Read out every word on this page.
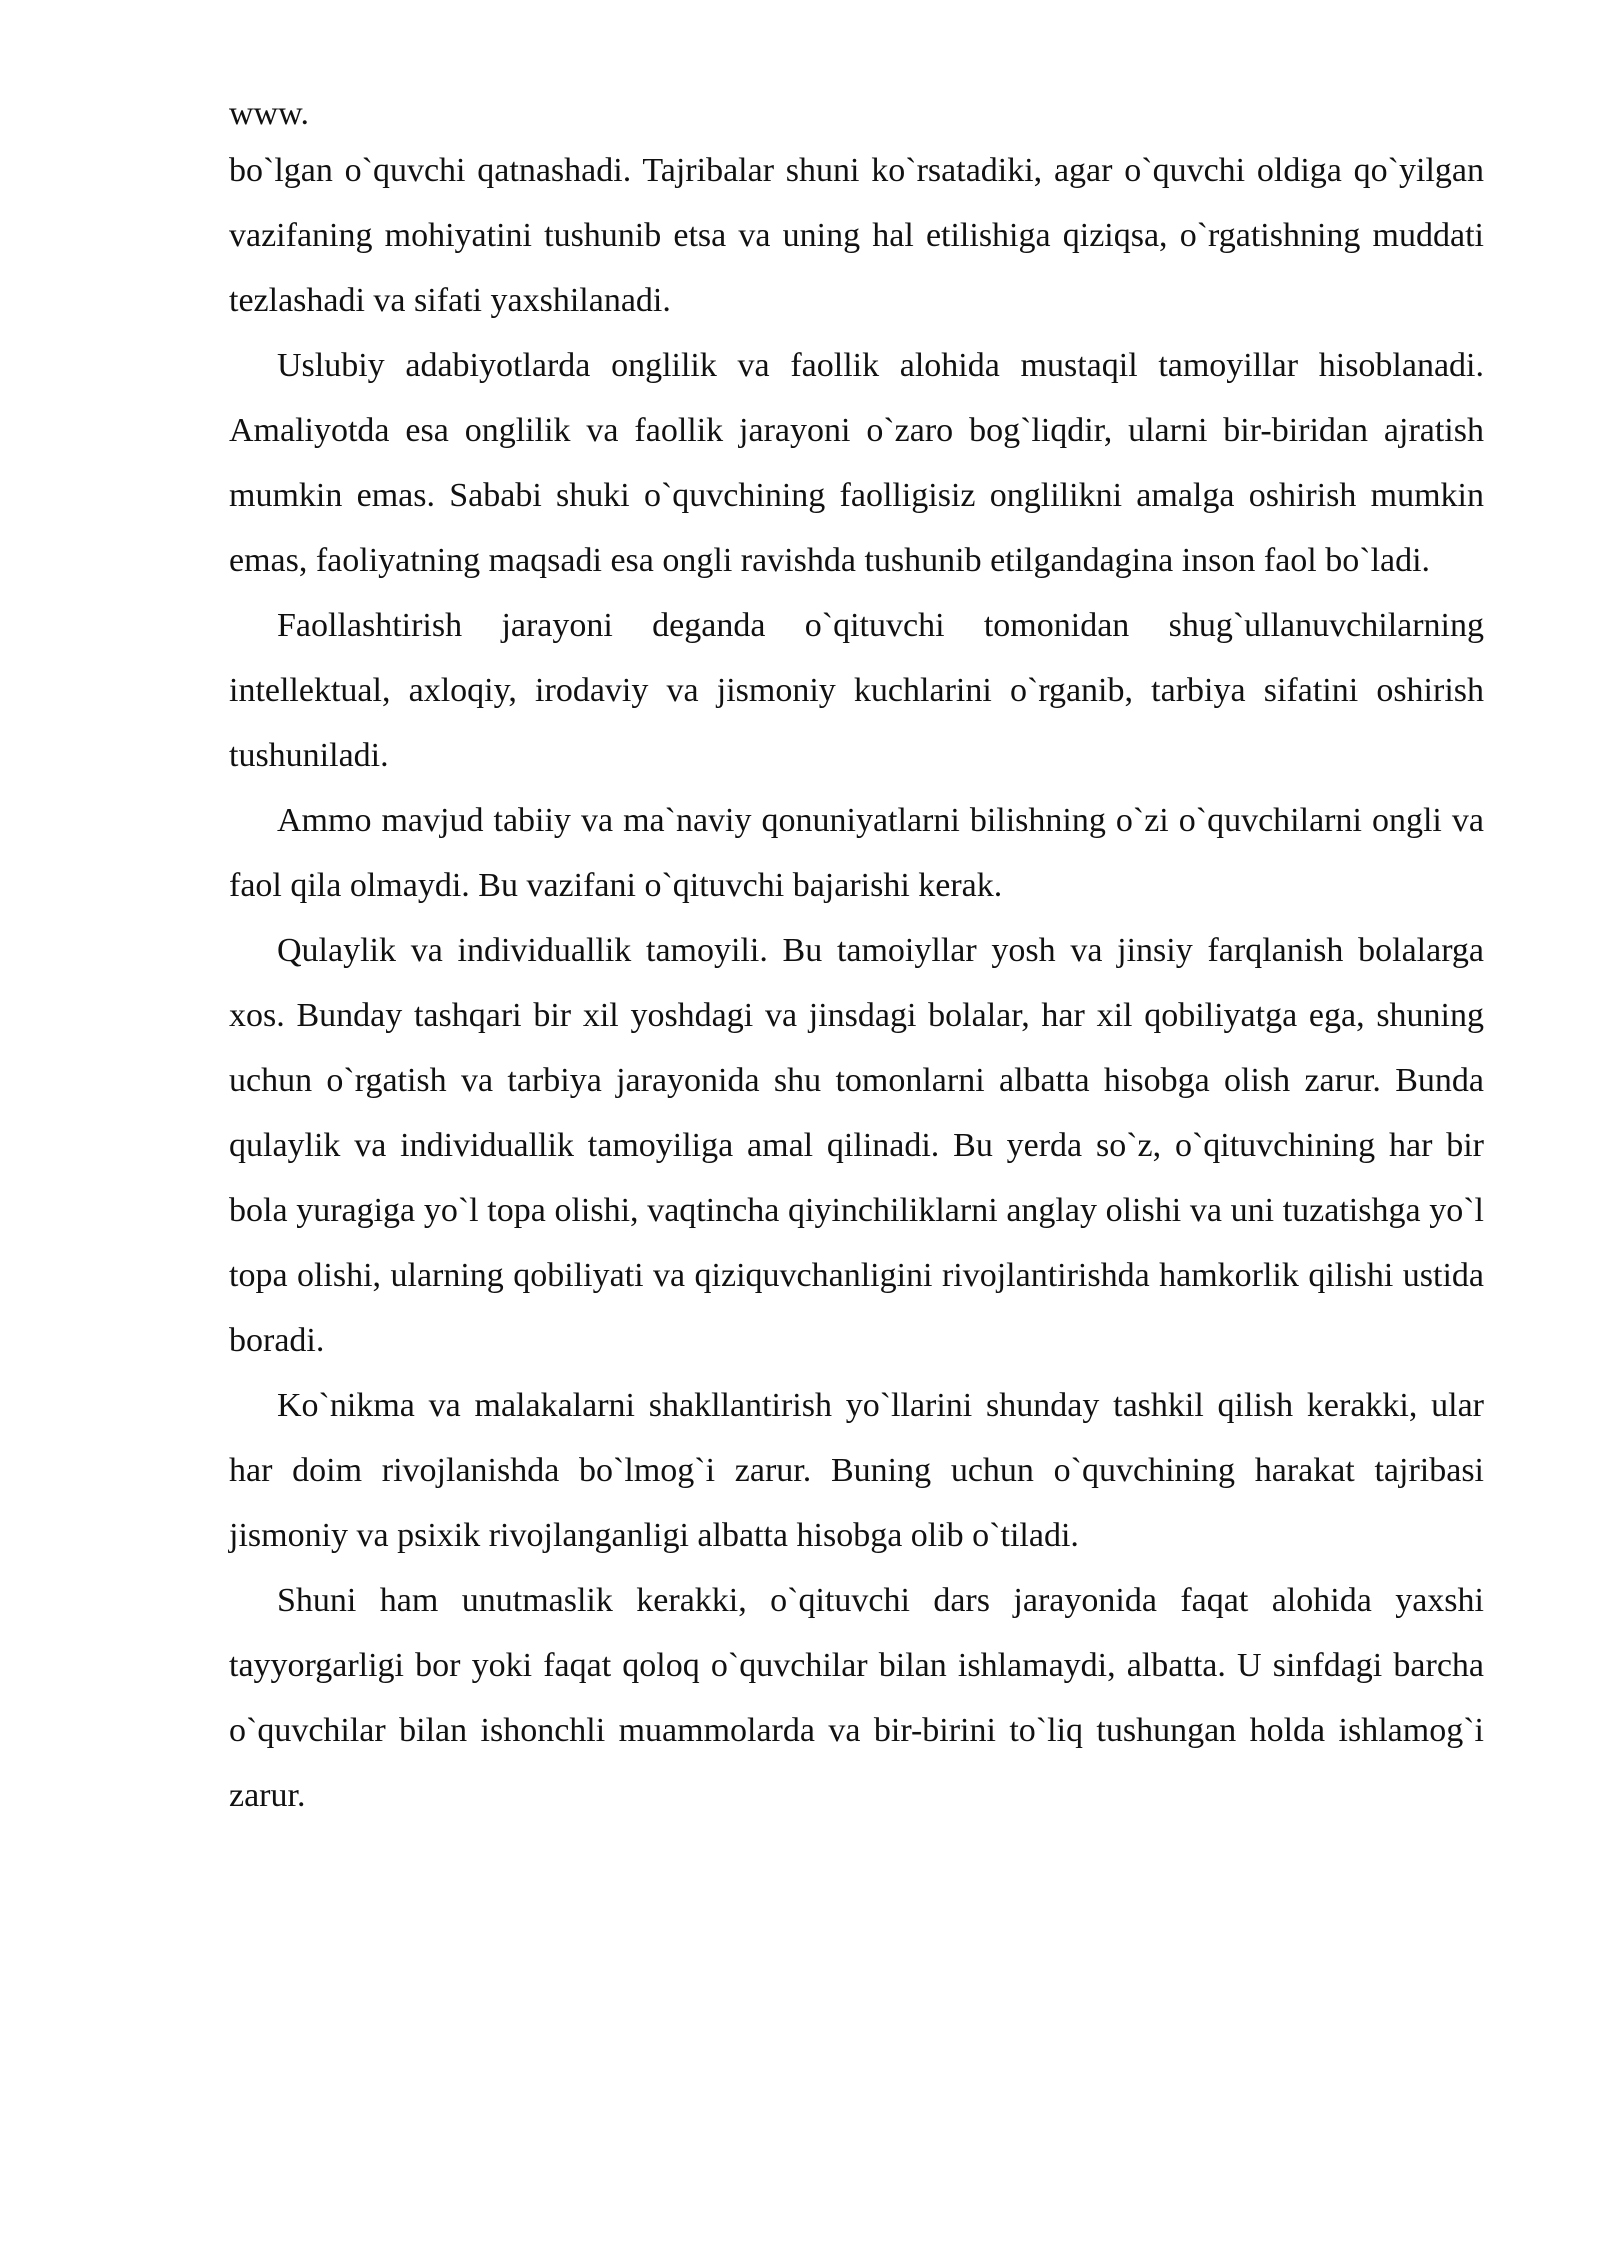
www.

bo`lgan o`quvchi qatnashadi. Tajribalar shuni ko`rsatadiki, agar o`quvchi oldiga qo`yilgan vazifaning mohiyatini tushunib etsa va uning hal etilishiga qiziqsa, o`rgatishning muddati tezlashadi va sifati yaxshilanadi.

Uslubiy adabiyotlarda onglilik va faollik alohida mustaqil tamoyillar hisoblanadi. Amaliyotda esa onglilik va faollik jarayoni o`zaro bog`liqdir, ularni bir-biridan ajratish mumkin emas. Sababi shuki o`quvchining faolligisiz onglilikni amalga oshirish mumkin emas, faoliyatning maqsadi esa ongli ravishda tushunib etilgandagina inson faol bo`ladi.

Faollashtirish jarayoni deganda o`qituvchi tomonidan shug`ullanuvchilarning intellektual, axloqiy, irodaviy va jismoniy kuchlarini o`rganib, tarbiya sifatini oshirish tushuniladi.

Ammo mavjud tabiiy va ma`naviy qonuniyatlarni bilishning o`zi o`quvchilarni ongli va faol qila olmaydi. Bu vazifani o`qituvchi bajarishi kerak.

Qulaylik va individuallik tamoyili. Bu tamoiyllar yosh va jinsiy farqlanish bolalarga xos. Bunday tashqari bir xil yoshdagi va jinsdagi bolalar, har xil qobiliyatga ega, shuning uchun o`rgatish va tarbiya jarayonida shu tomonlarni albatta hisobga olish zarur. Bunda qulaylik va individuallik tamoyiliga amal qilinadi. Bu yerda so`z, o`qituvchining har bir bola yuragiga yo`l topa olishi, vaqtincha qiyinchiliklarni anglay olishi va uni tuzatishga yo`l topa olishi, ularning qobiliyati va qiziquvchanligini rivojlantirishda hamkorlik qilishi ustida boradi.

Ko`nikma va malakalarni shakllantirish yo`llarini shunday tashkil qilish kerakki, ular har doim rivojlanishda bo`lmog`i zarur. Buning uchun o`quvchining harakat tajribasi jismoniy va psixik rivojlanganligi albatta hisobga olib o`tiladi.

Shuni ham unutmaslik kerakki, o`qituvchi dars jarayonida faqat alohida yaxshi tayyorgarligi bor yoki faqat qoloq o`quvchilar bilan ishlamaydi, albatta. U sinfdagi barcha o`quvchilar bilan ishonchli muammolarda va bir-birini to`liq tushungan holda ishlamog`i zarur.
